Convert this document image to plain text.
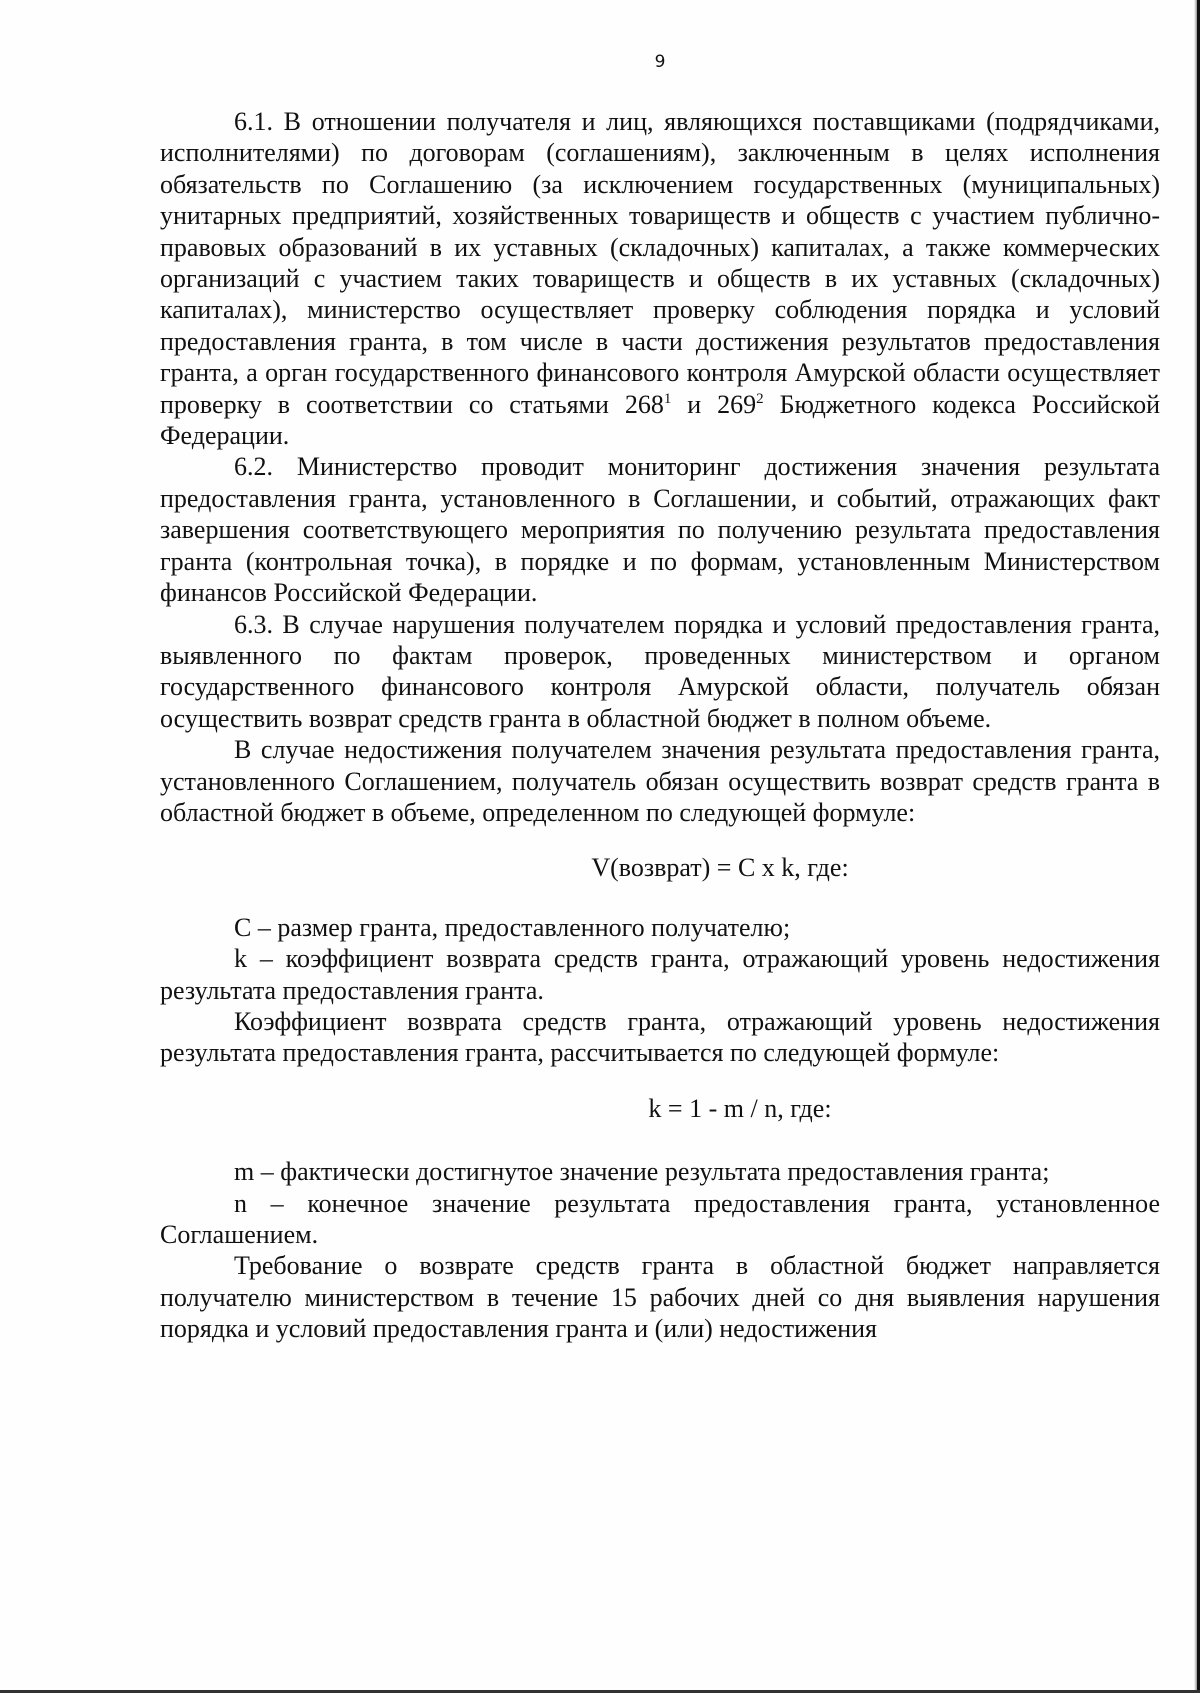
9

6.1. В отношении получателя и лиц, являющихся поставщиками (подрядчиками, исполнителями) по договорам (соглашениям), заключенным в целях исполнения обязательств по Соглашению (за исключением государственных (муниципальных) унитарных предприятий, хозяйственных товариществ и обществ с участием публично-правовых образований в их уставных (складочных) капиталах, а также коммерческих организаций с участием таких товариществ и обществ в их уставных (складочных) капиталах), министерство осуществляет проверку соблюдения порядка и условий предоставления гранта, в том числе в части достижения результатов предоставления гранта, а орган государственного финансового контроля Амурской области осуществляет проверку в соответствии со статьями $268^1$ и $269^2$ Бюджетного кодекса Российской Федерации.

6.2. Министерство проводит мониторинг достижения значения результата предоставления гранта, установленного в Соглашении, и событий, отражающих факт завершения соответствующего мероприятия по получению результата предоставления гранта (контрольная точка), в порядке и по формам, установленным Министерством финансов Российской Федерации.

6.3. В случае нарушения получателем порядка и условий предоставления гранта, выявленного по фактам проверок, проведенных министерством и органом государственного финансового контроля Амурской области, получатель обязан осуществить возврат средств гранта в областной бюджет в полном объеме.

В случае недостижения получателем значения результата предоставления гранта, установленного Соглашением, получатель обязан осуществить возврат средств гранта в областной бюджет в объеме, определенном по следующей формуле:

V(возврат) = C x k, где:

C – размер гранта, предоставленного получателю;

k – коэффициент возврата средств гранта, отражающий уровень недостижения результата предоставления гранта.

Коэффициент возврата средств гранта, отражающий уровень недостижения результата предоставления гранта, рассчитывается по следующей формуле:

k = 1 - m / n, где:

m – фактически достигнутое значение результата предоставления гранта;

n – конечное значение результата предоставления гранта, установленное Соглашением.

Требование о возврате средств гранта в областной бюджет направляется получателю министерством в течение 15 рабочих дней со дня выявления нарушения порядка и условий предоставления гранта и (или) недостижения
